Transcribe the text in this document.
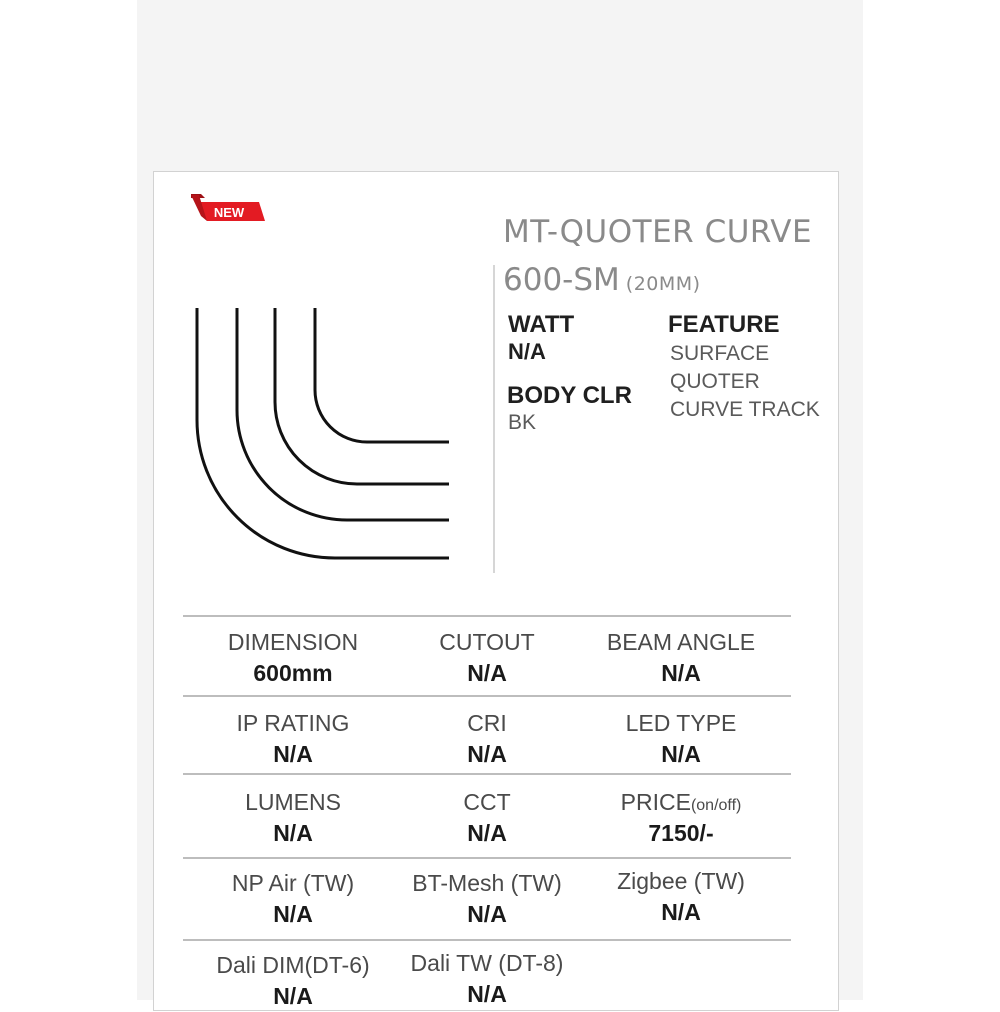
NEW
MT-QUOTER CURVE
600-SM (20MM)
WATT
N/A
BODY CLR
BK
FEATURE
SURFACE
QUOTER
CURVE TRACK
DIMENSION
600mm
CUTOUT
N/A
BEAM ANGLE
N/A
IP RATING
N/A
CRI
N/A
LED TYPE
N/A
LUMENS
N/A
CCT
N/A
PRICE(on/off)
7150/-
NP Air (TW)
N/A
BT-Mesh (TW)
N/A
Zigbee (TW)
N/A
Dali DIM(DT-6)
N/A
Dali TW (DT-8)
N/A
